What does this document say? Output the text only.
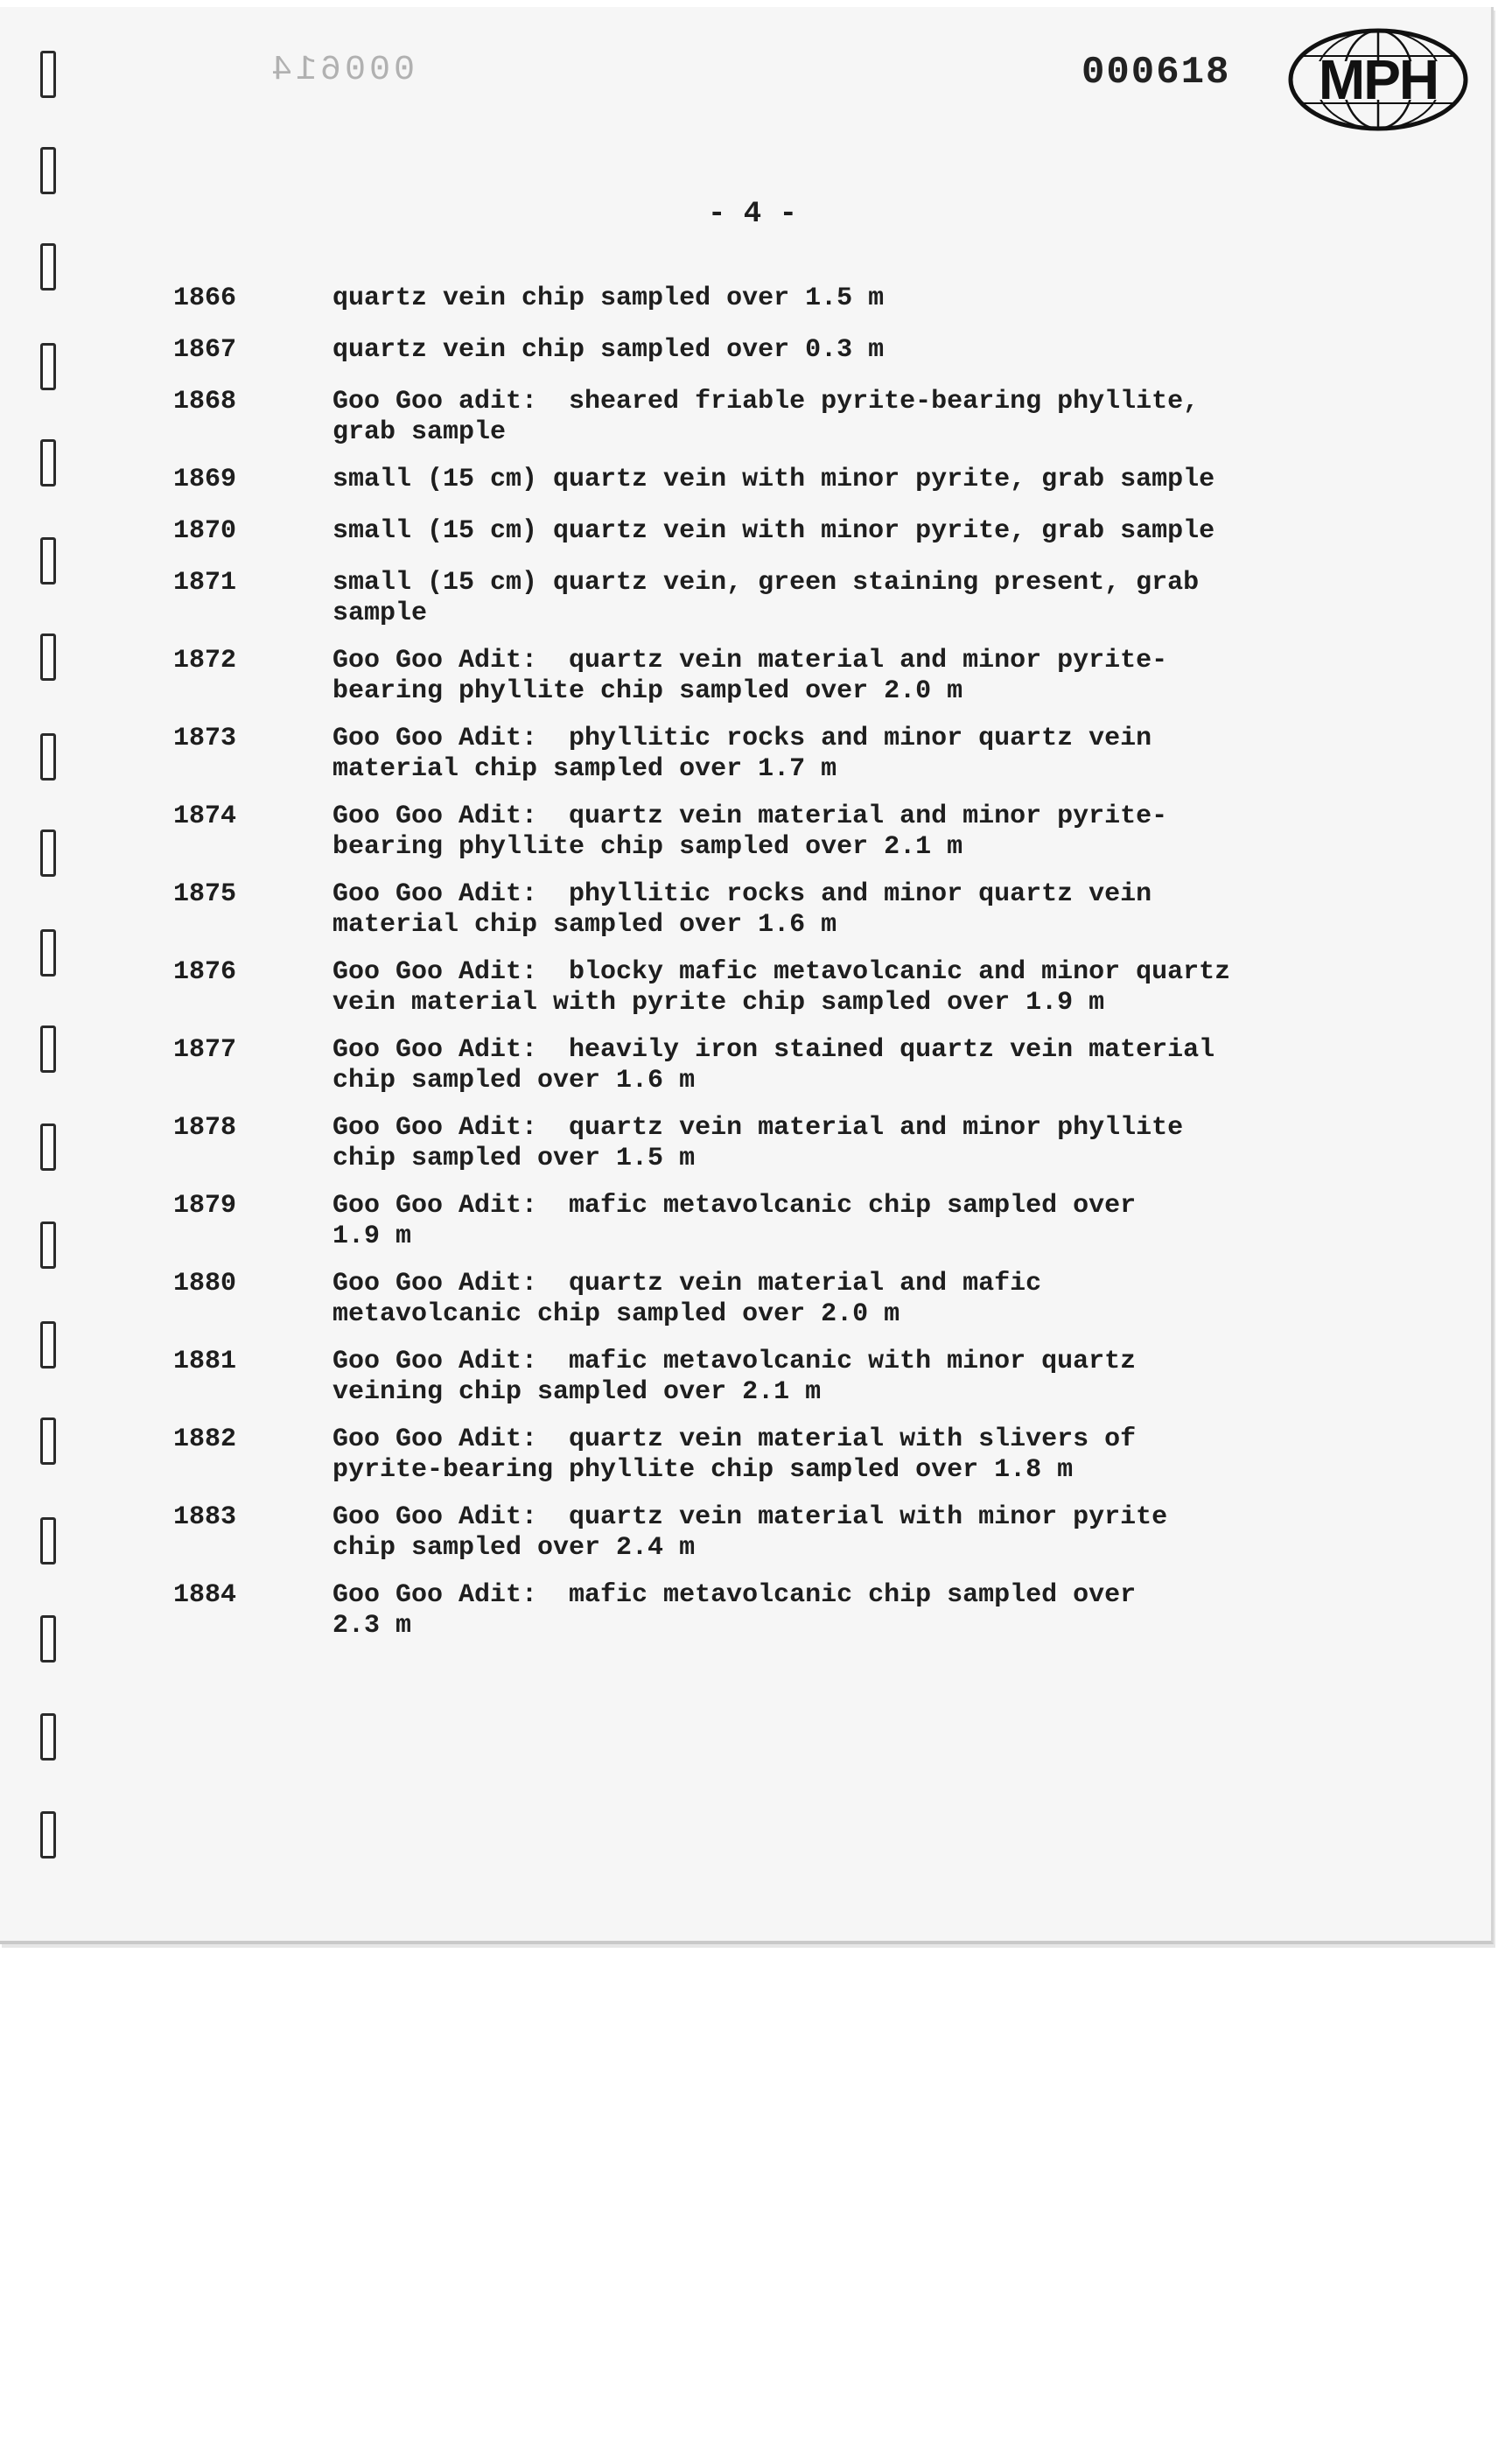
000614	000618	MPH
- 4 -
1866	quartz vein chip sampled over 1.5 m
1867	quartz vein chip sampled over 0.3 m
1868	Goo Goo adit:  sheared friable pyrite-bearing phyllite,
grab sample
1869	small (15 cm) quartz vein with minor pyrite, grab sample
1870	small (15 cm) quartz vein with minor pyrite, grab sample
1871	small (15 cm) quartz vein, green staining present, grab
sample
1872	Goo Goo Adit:  quartz vein material and minor pyrite-
bearing phyllite chip sampled over 2.0 m
1873	Goo Goo Adit:  phyllitic rocks and minor quartz vein
material chip sampled over 1.7 m
1874	Goo Goo Adit:  quartz vein material and minor pyrite-
bearing phyllite chip sampled over 2.1 m
1875	Goo Goo Adit:  phyllitic rocks and minor quartz vein
material chip sampled over 1.6 m
1876	Goo Goo Adit:  blocky mafic metavolcanic and minor quartz
vein material with pyrite chip sampled over 1.9 m
1877	Goo Goo Adit:  heavily iron stained quartz vein material
chip sampled over 1.6 m
1878	Goo Goo Adit:  quartz vein material and minor phyllite
chip sampled over 1.5 m
1879	Goo Goo Adit:  mafic metavolcanic chip sampled over
1.9 m
1880	Goo Goo Adit:  quartz vein material and mafic
metavolcanic chip sampled over 2.0 m
1881	Goo Goo Adit:  mafic metavolcanic with minor quartz
veining chip sampled over 2.1 m
1882	Goo Goo Adit:  quartz vein material with slivers of
pyrite-bearing phyllite chip sampled over 1.8 m
1883	Goo Goo Adit:  quartz vein material with minor pyrite
chip sampled over 2.4 m
1884	Goo Goo Adit:  mafic metavolcanic chip sampled over
2.3 m
